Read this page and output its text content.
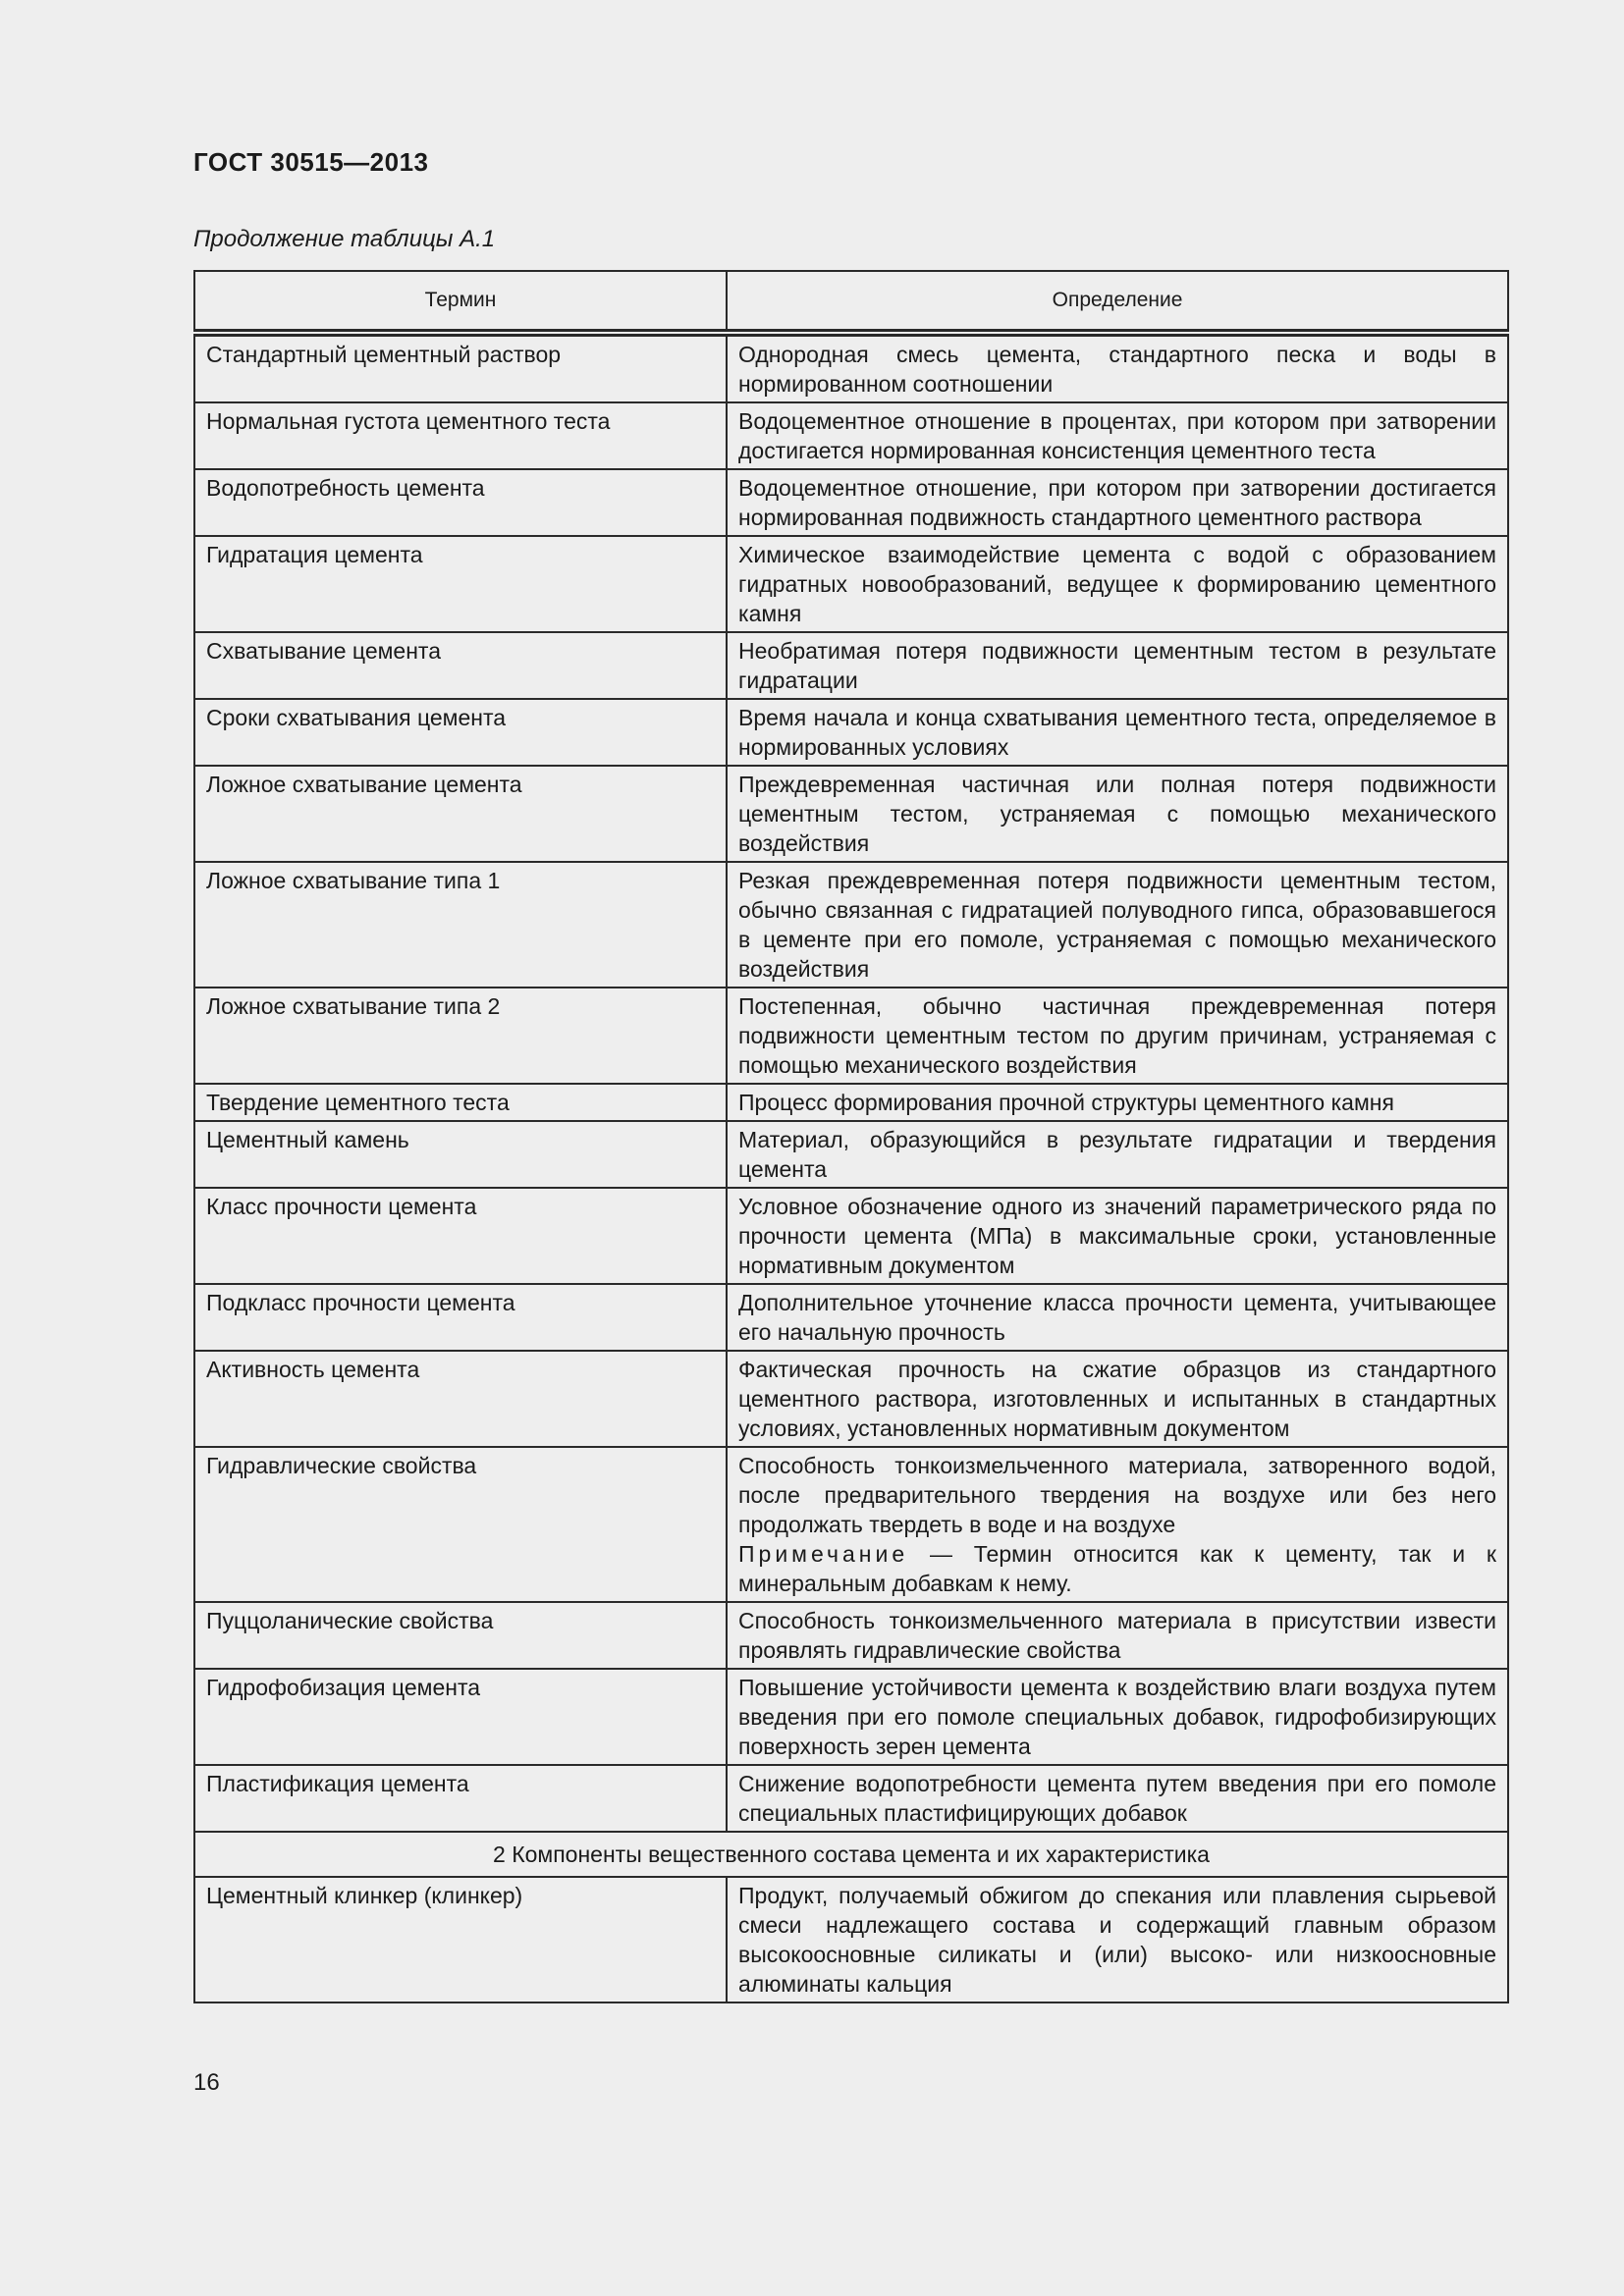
ГОСТ 30515—2013
Продолжение таблицы А.1
Термин	Определение
Стандартный цементный раствор	Однородная смесь цемента, стандартного песка и воды в нормированном соотношении
Нормальная густота цементного теста	Водоцементное отношение в процентах, при котором при затворении достигается нормированная консистенция цементного теста
Водопотребность цемента	Водоцементное отношение, при котором при затворении достигается нормированная подвижность стандартного цементного раствора
Гидратация цемента	Химическое взаимодействие цемента с водой с образованием гидратных новообразований, ведущее к формированию цементного камня
Схватывание цемента	Необратимая потеря подвижности цементным тестом в результате гидратации
Сроки схватывания цемента	Время начала и конца схватывания цементного теста, определяемое в нормированных условиях
Ложное схватывание цемента	Преждевременная частичная или полная потеря подвижности цементным тестом, устраняемая с помощью механического воздействия
Ложное схватывание типа 1	Резкая преждевременная потеря подвижности цементным тестом, обычно связанная с гидратацией полуводного гипса, образовавшегося в цементе при его помоле, устраняемая с помощью механического воздействия
Ложное схватывание типа 2	Постепенная, обычно частичная преждевременная потеря подвижности цементным тестом по другим причинам, устраняемая с помощью механического воздействия
Твердение цементного теста	Процесс формирования прочной структуры цементного камня
Цементный камень	Материал, образующийся в результате гидратации и твердения цемента
Класс прочности цемента	Условное обозначение одного из значений параметрического ряда по прочности цемента (МПа) в максимальные сроки, установленные нормативным документом
Подкласс прочности цемента	Дополнительное уточнение класса прочности цемента, учитывающее его начальную прочность
Активность цемента	Фактическая прочность на сжатие образцов из стандартного цементного раствора, изготовленных и испытанных в стандартных условиях, установленных нормативным документом
Гидравлические свойства	Способность тонкоизмельченного материала, затворенного водой, после предварительного твердения на воздухе или без него продолжать твердеть в воде и на воздухе
Примечание — Термин относится как к цементу, так и к минеральным добавкам к нему.

Пуццоланические свойства	Способность тонкоизмельченного материала в присутствии извести проявлять гидравлические свойства
Гидрофобизация цемента	Повышение устойчивости цемента к воздействию влаги воздуха путем введения при его помоле специальных добавок, гидрофобизирующих поверхность зерен цемента
Пластификация цемента	Снижение водопотребности цемента путем введения при его помоле специальных пластифицирующих добавок
2 Компоненты вещественного состава цемента и их характеристика	
Цементный клинкер (клинкер)	Продукт, получаемый обжигом до спекания или плавления сырьевой смеси надлежащего состава и содержащий главным образом высокоосновные силикаты и (или) высоко- или низкоосновные алюминаты кальция
16
